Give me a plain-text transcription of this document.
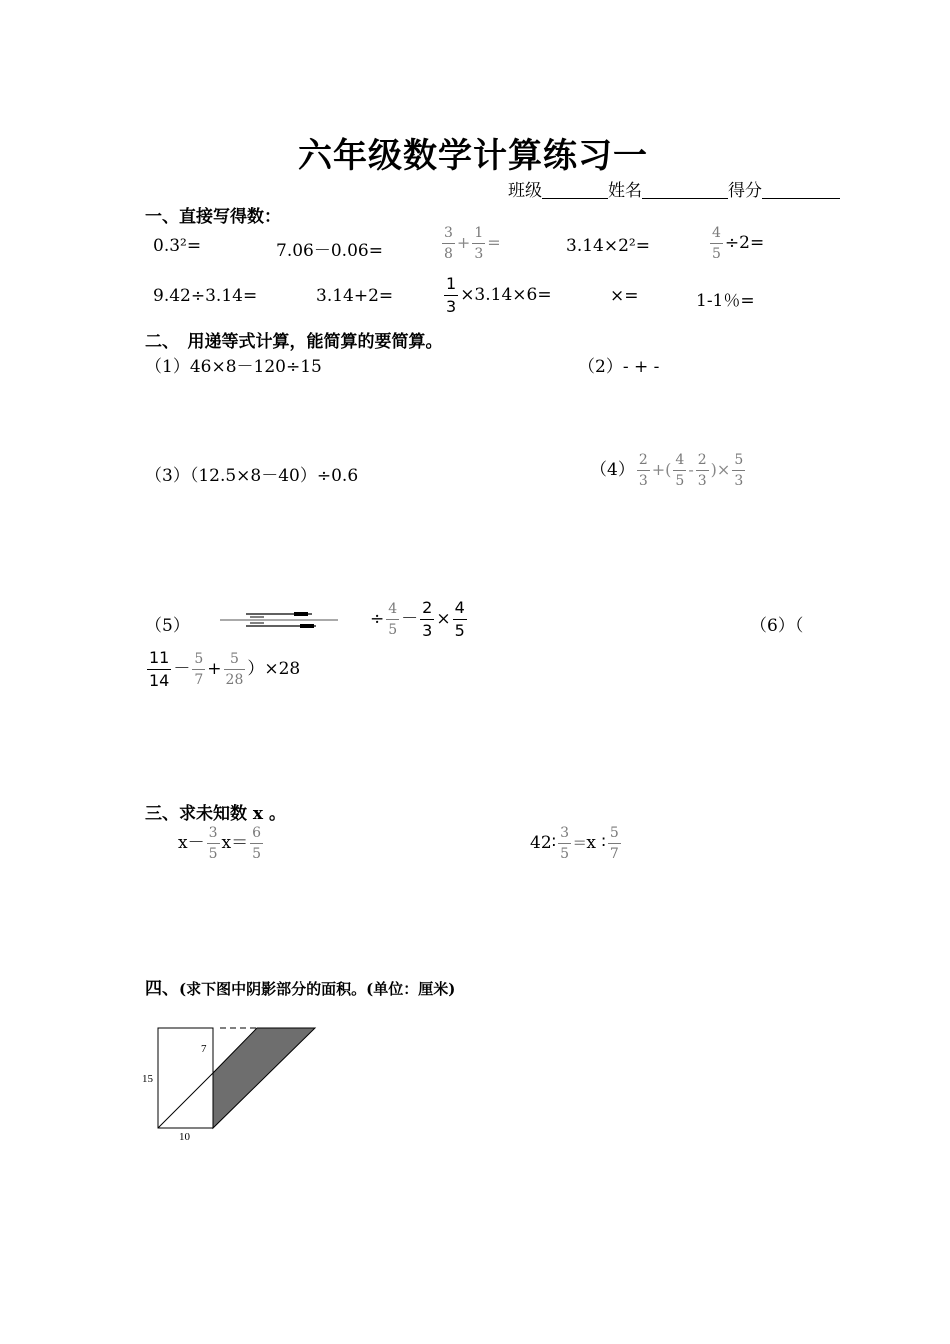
六年级数学计算练习一
班级	姓名	得分
一、直接写得数：
0.3²=	7.06－0.06=	$\frac{3}{8} + \frac{1}{3}$ =	3.14×2²=	$\frac{4}{5} \div 2=$
9.42÷3.14=	3.14+2=	$\frac{1}{3} \times 3.14\times 6=$	×=	1-1％=
二、　用递等式计算，能简算的要简算。
（1）46×8－120÷15	（2）- + -
（3）（12.5×8－40）÷0.6	$(4) \frac{2}{3}$ +( $\frac{4}{5} - \frac{2}{3}$ )× $\frac{5}{3}$
（5）	÷ $\frac{4}{5} - \frac{2}{3} \times \frac{4}{5}$	（6）（
$\frac{11}{14} - \frac{5}{7} + \frac{5}{28} )\times 28$
三、求未知数 x 。
$x- \frac{3}{5} x= \frac{6}{5}$	42∶ $\frac{3}{5} =x$ ∶ $\frac{5}{7}$
四、(求下图中阴影部分的面积。(单位：厘米)
15
7
10
